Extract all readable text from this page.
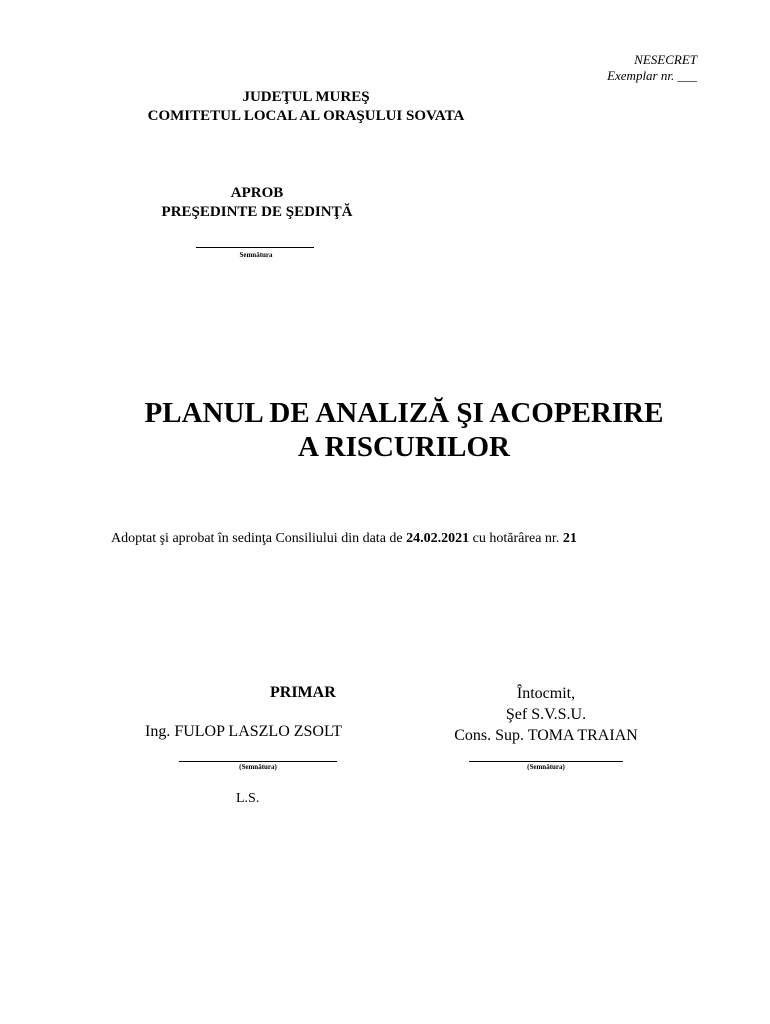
NESECRET
Exemplar nr. ___
JUDEŢUL MUREŞ
COMITETUL LOCAL AL ORAŞULUI SOVATA
APROB
PREŞEDINTE DE ŞEDINŢĂ
Semnătura
PLANUL DE ANALIZĂ ŞI ACOPERIRE
A RISCURILOR
Adoptat şi aprobat în sedinţa Consiliului din data de 24.02.2021 cu hotărârea nr. 21
PRIMAR
Ing. FULOP LASZLO ZSOLT
(Semnătura)
L.S.
Întocmit,
Şef S.V.S.U.
Cons. Sup. TOMA TRAIAN
(Semnătura)
